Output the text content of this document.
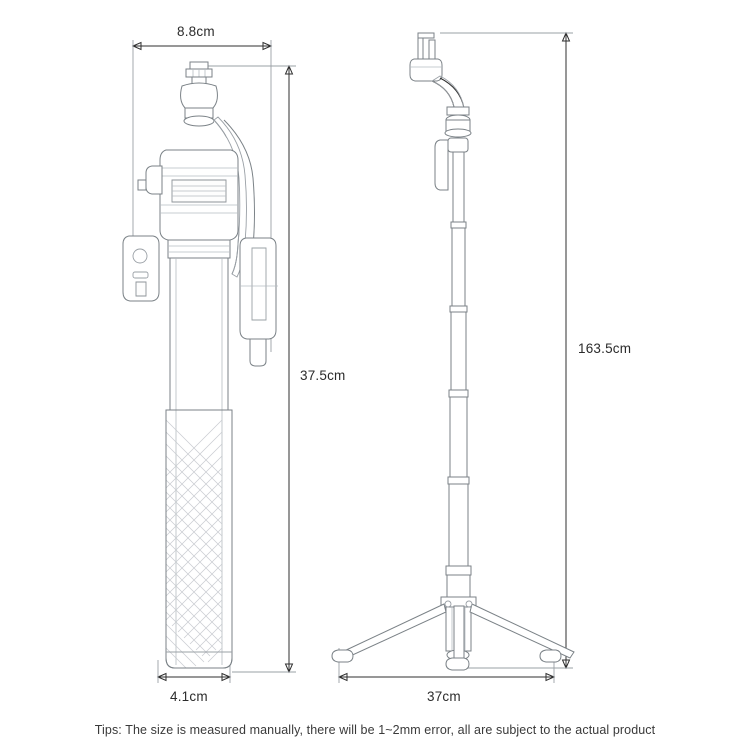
8.8cm
37.5cm
4.1cm
163.5cm
37cm
Tips: The size is measured manually, there will be 1~2mm error, all are subject to the actual product
